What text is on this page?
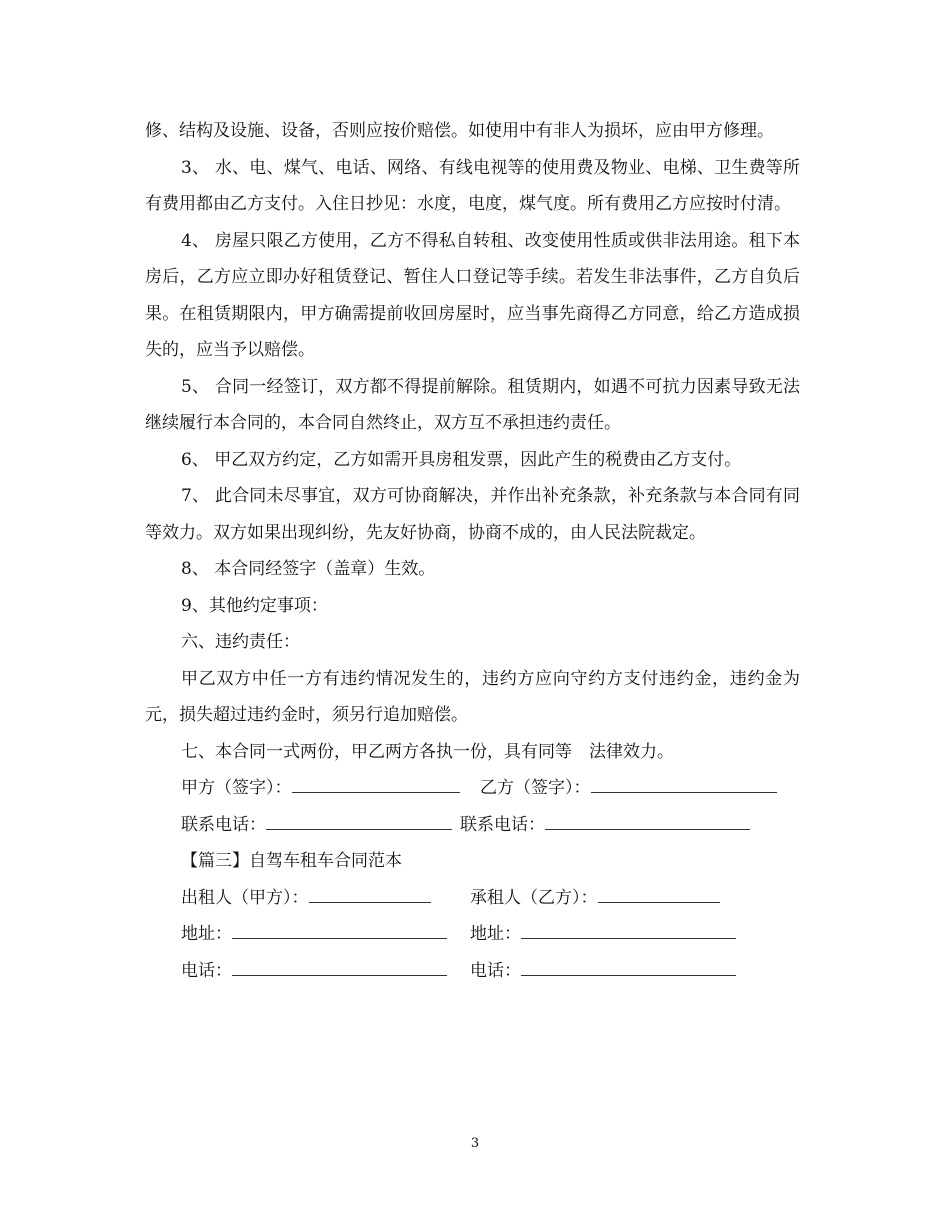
修、结构及设施、设备，否则应按价赔偿。如使用中有非人为损坏，应由甲方修理。

3、 水、电、煤气、电话、网络、有线电视等的使用费及物业、电梯、卫生费等所有费用都由乙方支付。入住日抄见：水度，电度，煤气度。所有费用乙方应按时付清。

4、 房屋只限乙方使用，乙方不得私自转租、改变使用性质或供非法用途。租下本房后，乙方应立即办好租赁登记、暂住人口登记等手续。若发生非法事件，乙方自负后果。在租赁期限内，甲方确需提前收回房屋时，应当事先商得乙方同意，给乙方造成损失的，应当予以赔偿。

5、 合同一经签订，双方都不得提前解除。租赁期内，如遇不可抗力因素导致无法继续履行本合同的，本合同自然终止，双方互不承担违约责任。

6、 甲乙双方约定，乙方如需开具房租发票，因此产生的税费由乙方支付。

7、 此合同未尽事宜，双方可协商解决，并作出补充条款，补充条款与本合同有同等效力。双方如果出现纠纷，先友好协商，协商不成的，由人民法院裁定。

8、 本合同经签字（盖章）生效。

9、其他约定事项：

六、违约责任：

甲乙双方中任一方有违约情况发生的，违约方应向守约方支付违约金，违约金为元，损失超过违约金时，须另行追加赔偿。

七、本合同一式两份，甲乙两方各执一份，具有同等　法律效力。

甲方（签字）：	乙方（签字）：
联系电话：	联系电话：

【篇三】自驾车租车合同范本

出租人（甲方）：	承租人（乙方）：
地址：	地址：
电话：	电话：
3
